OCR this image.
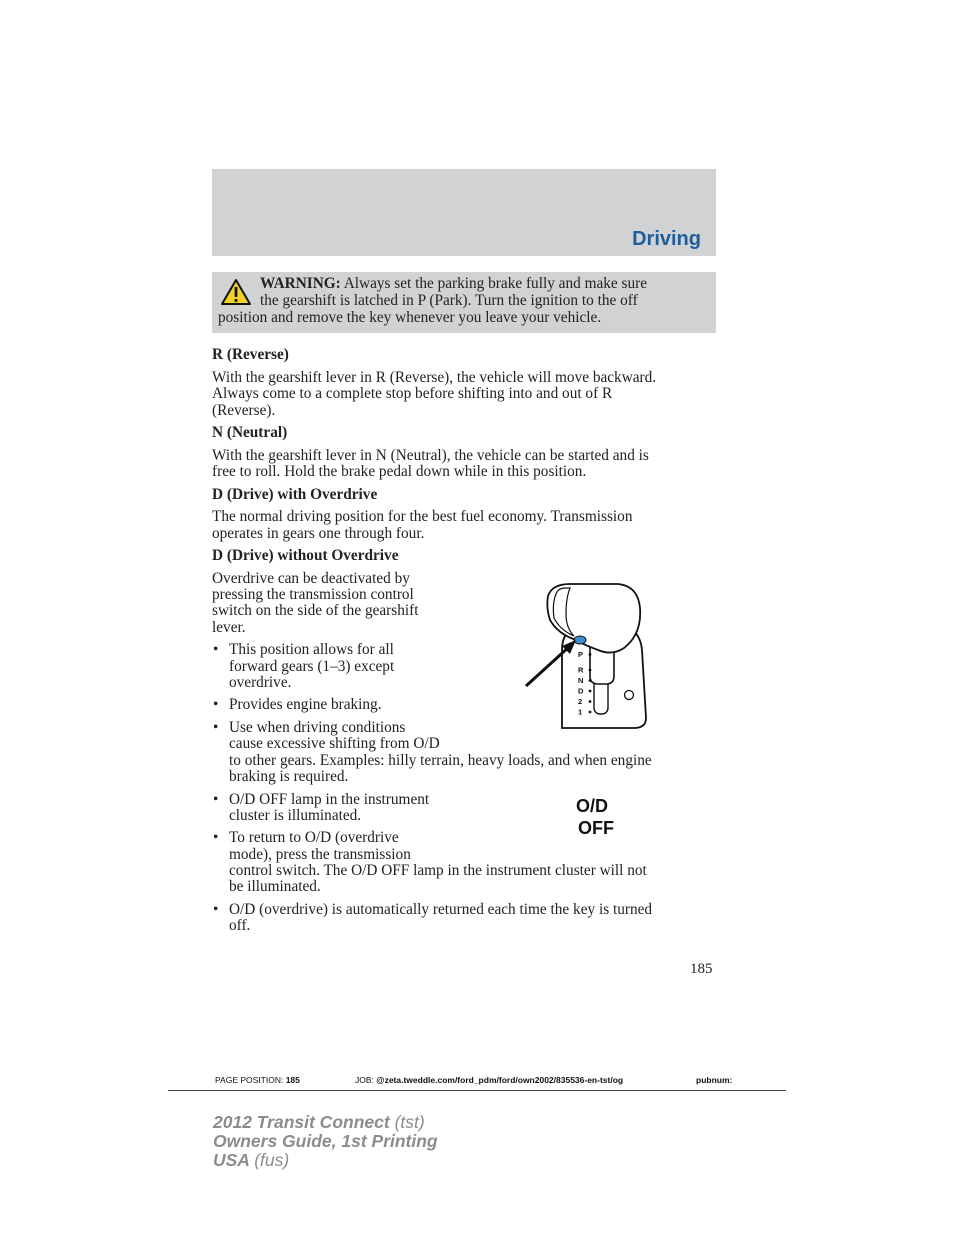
Driving
WARNING: Always set the parking brake fully and make sure
the gearshift is latched in P (Park). Turn the ignition to the off
position and remove the key whenever you leave your vehicle.
R (Reverse)
With the gearshift lever in R (Reverse), the vehicle will move backward.
Always come to a complete stop before shifting into and out of R
(Reverse).
N (Neutral)
With the gearshift lever in N (Neutral), the vehicle can be started and is
free to roll. Hold the brake pedal down while in this position.
D (Drive) with Overdrive
The normal driving position for the best fuel economy. Transmission
operates in gears one through four.
D (Drive) without Overdrive
Overdrive can be deactivated by
pressing the transmission control
switch on the side of the gearshift
lever.
• This position allows for all
forward gears (1–3) except
overdrive.
• Provides engine braking.
• Use when driving conditions
cause excessive shifting from O/D
to other gears. Examples: hilly terrain, heavy loads, and when engine
braking is required.
• O/D OFF lamp in the instrument
cluster is illuminated.
• To return to O/D (overdrive
mode), press the transmission
control switch. The O/D OFF lamp in the instrument cluster will not
be illuminated.
• O/D (overdrive) is automatically returned each time the key is turned
off.
P
R
N
D
2
1
O/D
OFF
185
PAGE POSITION: 185	JOB: @zeta.tweddle.com/ford_pdm/ford/own2002/835536-en-tst/og	pubnum:
2012 Transit Connect (tst)
Owners Guide, 1st Printing
USA (fus)
